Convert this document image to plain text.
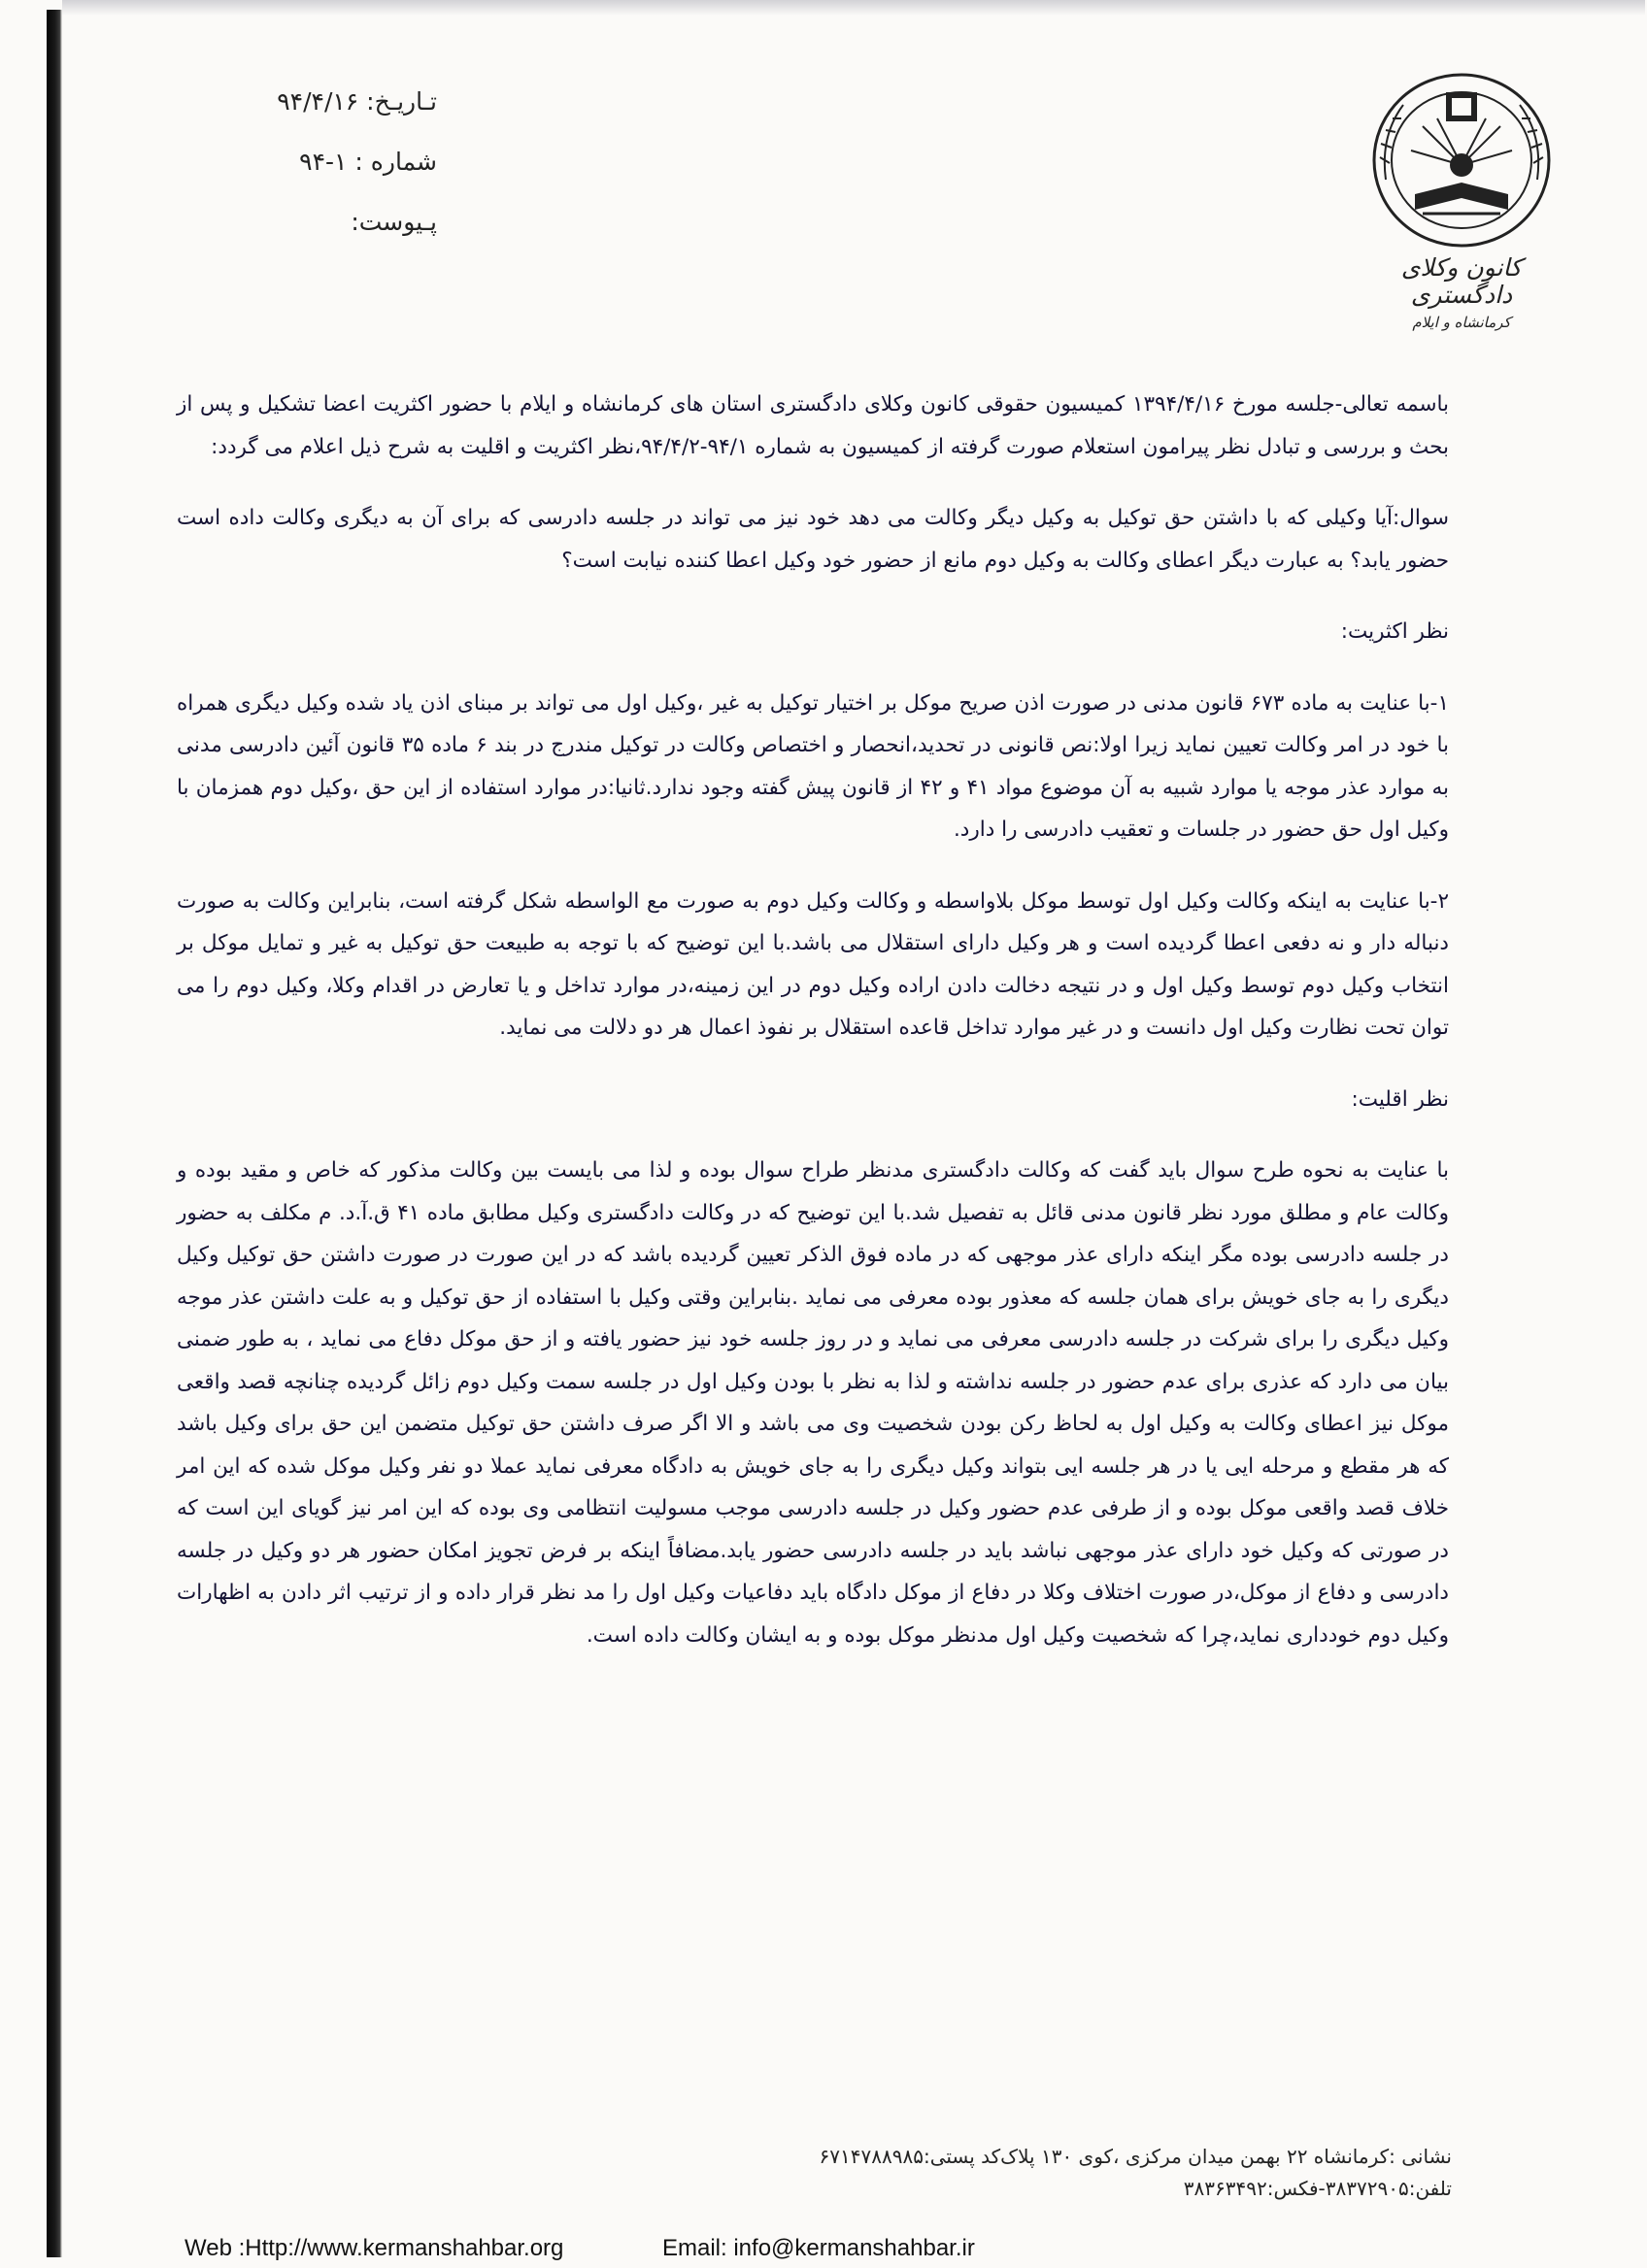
تـاریـخ: ۹۴/۴/۱۶
شماره : ۱-۹۴
پـیوست:
کانون وکلای دادگستری
کرمانشاه و ایلام

باسمه تعالی-جلسه مورخ ۱۳۹۴/۴/۱۶ کمیسیون حقوقی کانون وکلای دادگستری استان های کرمانشاه و ایلام با حضور اکثریت اعضا تشکیل و پس از بحث و بررسی و تبادل نظر پیرامون استعلام صورت گرفته از کمیسیون به شماره ۹۴/۱-۹۴/۴/۲،نظر اکثریت و اقلیت به شرح ذیل اعلام می گردد:

سوال:آیا وکیلی که با داشتن حق توکیل به وکیل دیگر وکالت می دهد خود نیز می تواند در جلسه دادرسی که برای آن به دیگری وکالت داده است حضور یابد؟ به عبارت دیگر اعطای وکالت به وکیل دوم مانع از حضور خود وکیل اعطا کننده نیابت است؟

نظر اکثریت:

۱-با عنایت به ماده ۶۷۳ قانون مدنی در صورت اذن صریح موکل بر اختیار توکیل به غیر ،وکیل اول می تواند بر مبنای اذن یاد شده وکیل دیگری همراه با خود در امر وکالت تعیین نماید زیرا اولا:نص قانونی در تحدید،انحصار و اختصاص وکالت در توکیل مندرج در بند ۶ ماده ۳۵ قانون آئین دادرسی مدنی به موارد عذر موجه یا موارد شبیه به آن موضوع مواد ۴۱ و ۴۲ از قانون پیش گفته وجود ندارد.ثانیا:در موارد استفاده از این حق ،وکیل دوم همزمان با وکیل اول حق حضور در جلسات و تعقیب دادرسی را دارد.

۲-با عنایت به اینکه وکالت وکیل اول توسط موکل بلاواسطه و وکالت وکیل دوم به صورت مع الواسطه شکل گرفته است، بنابراین وکالت به صورت دنباله دار و نه دفعی اعطا گردیده است و هر وکیل دارای استقلال می باشد.با این توضیح که با توجه به طبیعت حق توکیل به غیر و تمایل موکل بر انتخاب وکیل دوم توسط وکیل اول و در نتیجه دخالت دادن اراده وکیل دوم در این زمینه،در موارد تداخل و یا تعارض در اقدام وکلا، وکیل دوم را می توان تحت نظارت وکیل اول دانست و در غیر موارد تداخل قاعده استقلال بر نفوذ اعمال هر دو دلالت می نماید.

نظر اقلیت:

با عنایت به نحوه طرح سوال باید گفت که وکالت دادگستری مدنظر طراح سوال بوده و لذا می بایست بین وکالت مذکور که خاص و مقید بوده و وکالت عام و مطلق مورد نظر قانون مدنی قائل به تفصیل شد.با این توضیح که در وکالت دادگستری وکیل مطابق ماده ۴۱ ق.آ.د. م مکلف به حضور در جلسه دادرسی بوده مگر اینکه دارای عذر موجهی که در ماده فوق الذکر تعیین گردیده باشد که در این صورت در صورت داشتن حق توکیل وکیل دیگری را به جای خویش برای همان جلسه که معذور بوده معرفی می نماید .بنابراین وقتی وکیل با استفاده از حق توکیل و به علت داشتن عذر موجه وکیل دیگری را برای شرکت در جلسه دادرسی معرفی می نماید و در روز جلسه خود نیز حضور یافته و از حق موکل دفاع می نماید ، به طور ضمنی بیان می دارد که عذری برای عدم حضور در جلسه نداشته و لذا به نظر با بودن وکیل اول در جلسه سمت وکیل دوم زائل گردیده چنانچه قصد واقعی موکل نیز اعطای وکالت به وکیل اول به لحاظ رکن بودن شخصیت وی می باشد و الا اگر صرف داشتن حق توکیل متضمن این حق برای وکیل باشد که هر مقطع و مرحله ایی یا در هر جلسه ایی بتواند وکیل دیگری را به جای خویش به دادگاه معرفی نماید عملا دو نفر وکیل موکل شده که این امر خلاف قصد واقعی موکل بوده و از طرفی عدم حضور وکیل در جلسه دادرسی موجب مسولیت انتظامی وی بوده که این امر نیز گویای این است که در صورتی که وکیل خود دارای عذر موجهی نباشد باید در جلسه دادرسی حضور یابد.مضافاً اینکه بر فرض تجویز امکان حضور هر دو وکیل در جلسه دادرسی و دفاع از موکل،در صورت اختلاف وکلا در دفاع از موکل دادگاه باید دفاعیات وکیل اول را مد نظر قرار داده و از ترتیب اثر دادن به اظهارات وکیل دوم خودداری نماید،چرا که شخصیت وکیل اول مدنظر موکل بوده و به ایشان وکالت داده است.

نشانی :کرمانشاه ۲۲ بهمن میدان مرکزی ،کوی ۱۳۰ پلاک‌کد پستی:۶۷۱۴۷۸۸۹۸۵
تلفن:۳۸۳۷۲۹۰۵-فکس:۳۸۳۶۳۴۹۲
Web :Http://www.kermanshahbar.org	Email: info@kermanshahbar.ir
